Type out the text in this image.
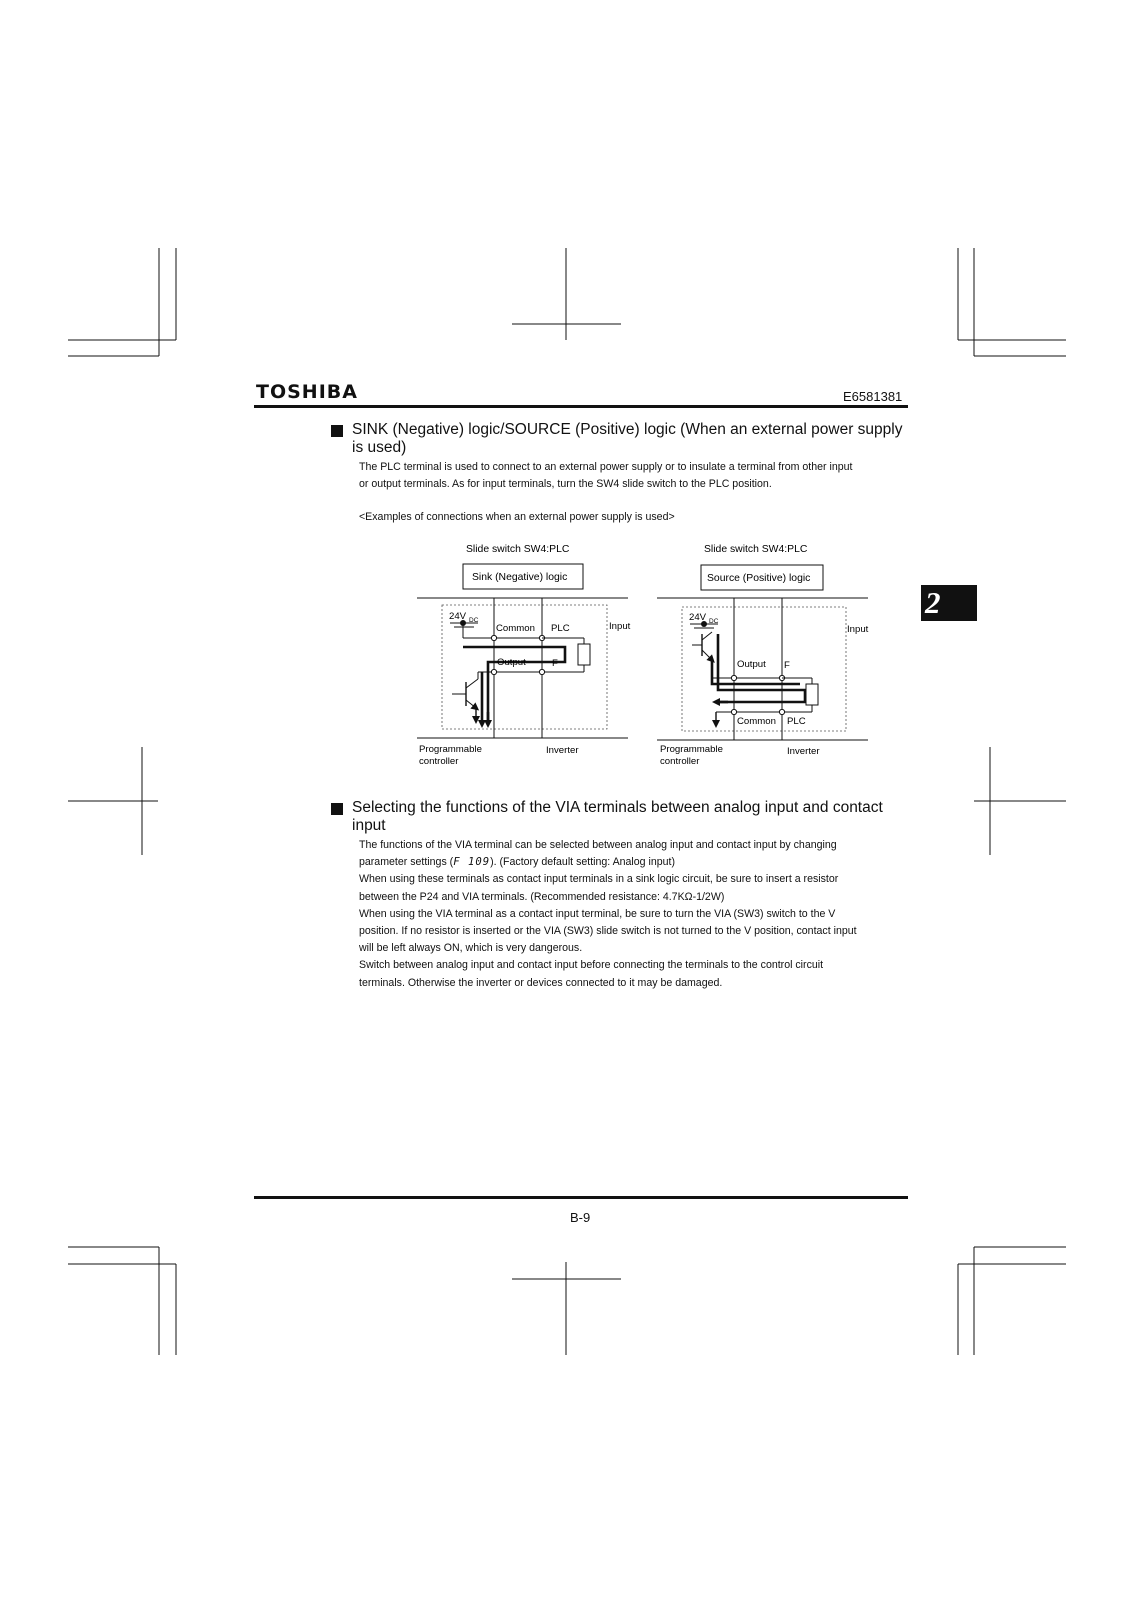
TOSHIBA	E6581381
2
SINK (Negative) logic/SOURCE (Positive) logic (When an external power supply
is used)

The PLC terminal is used to connect to an external power supply or to insulate a terminal from other input

or output terminals. As for input terminals, turn the SW4 slide switch to the PLC position.

<Examples of connections when an external power supply is used>
Slide switch SW4:PLC
Sink (Negative) logic
24V DC
Common PLC	Input
Output	F
Programmable
controller
Inverter
Slide switch SW4:PLC
Source (Positive) logic
24V DC
Input
Output F
Common PLC
Programmable
controller
Inverter
Selecting the functions of the VIA terminals between analog input and contact
input

The functions of the VIA terminal can be selected between analog input and contact input by changing

parameter settings (F 109). (Factory default setting: Analog input)

When using these terminals as contact input terminals in a sink logic circuit, be sure to insert a resistor

between the P24 and VIA terminals. (Recommended resistance: 4.7KΩ-1/2W)

When using the VIA terminal as a contact input terminal, be sure to turn the VIA (SW3) switch to the V

position. If no resistor is inserted or the VIA (SW3) slide switch is not turned to the V position, contact input

will be left always ON, which is very dangerous.

Switch between analog input and contact input before connecting the terminals to the control circuit

terminals. Otherwise the inverter or devices connected to it may be damaged.

B-9
